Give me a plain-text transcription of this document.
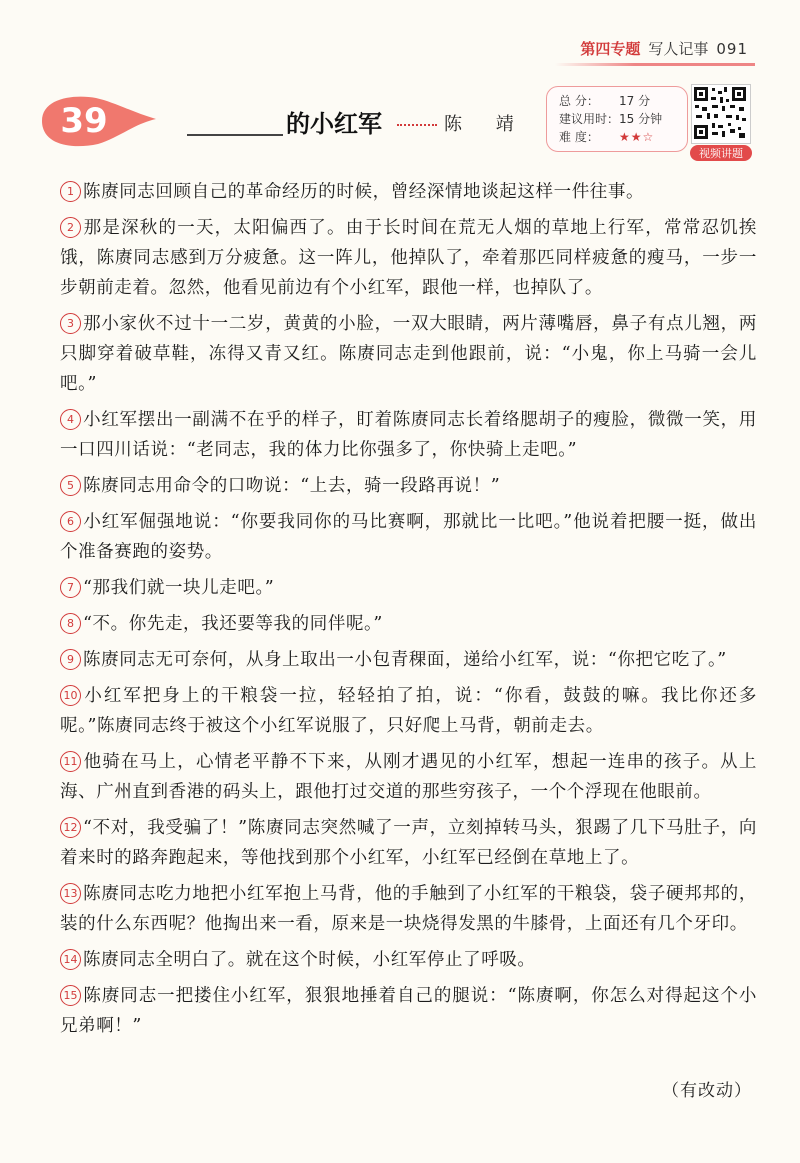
第四专题 写人记事 091
39	的小红军	陈 靖
总 分： 17 分
建议用时：15 分钟
难 度： ★★☆
视频讲题

1 陈赓同志回顾自己的革命经历的时候，曾经深情地谈起这样一件往事。

2 那是深秋的一天，太阳偏西了。由于长时间在荒无人烟的草地上行军，常常忍饥挨饿，陈赓同志感到万分疲惫。这一阵儿，他掉队了，牵着那匹同样疲惫的瘦马，一步一步朝前走着。忽然，他看见前边有个小红军，跟他一样，也掉队了。

3 那小家伙不过十一二岁，黄黄的小脸，一双大眼睛，两片薄嘴唇，鼻子有点儿翘，两只脚穿着破草鞋，冻得又青又红。陈赓同志走到他跟前，说：“小鬼，你上马骑一会儿吧。”

4 小红军摆出一副满不在乎的样子，盯着陈赓同志长着络腮胡子的瘦脸，微微一笑，用一口四川话说：“老同志，我的体力比你强多了，你快骑上走吧。”

5 陈赓同志用命令的口吻说：“上去，骑一段路再说！”

6 小红军倔强地说：“你要我同你的马比赛啊，那就比一比吧。”他说着把腰一挺，做出个准备赛跑的姿势。

7 “那我们就一块儿走吧。”

8 “不。你先走，我还要等我的同伴呢。”

9 陈赓同志无可奈何，从身上取出一小包青稞面，递给小红军，说：“你把它吃了。”

10 小红军把身上的干粮袋一拉，轻轻拍了拍，说：“你看，鼓鼓的嘛。我比你还多呢。”陈赓同志终于被这个小红军说服了，只好爬上马背，朝前走去。

11 他骑在马上，心情老平静不下来，从刚才遇见的小红军，想起一连串的孩子。从上海、广州直到香港的码头上，跟他打过交道的那些穷孩子，一个个浮现在他眼前。

12 “不对，我受骗了！”陈赓同志突然喊了一声，立刻掉转马头，狠踢了几下马肚子，向着来时的路奔跑起来，等他找到那个小红军，小红军已经倒在草地上了。

13 陈赓同志吃力地把小红军抱上马背，他的手触到了小红军的干粮袋，袋子硬邦邦的，装的什么东西呢？他掏出来一看，原来是一块烧得发黑的牛膝骨，上面还有几个牙印。

14 陈赓同志全明白了。就在这个时候，小红军停止了呼吸。

15 陈赓同志一把搂住小红军，狠狠地捶着自己的腿说：“陈赓啊，你怎么对得起这个小兄弟啊！”

（有改动）
